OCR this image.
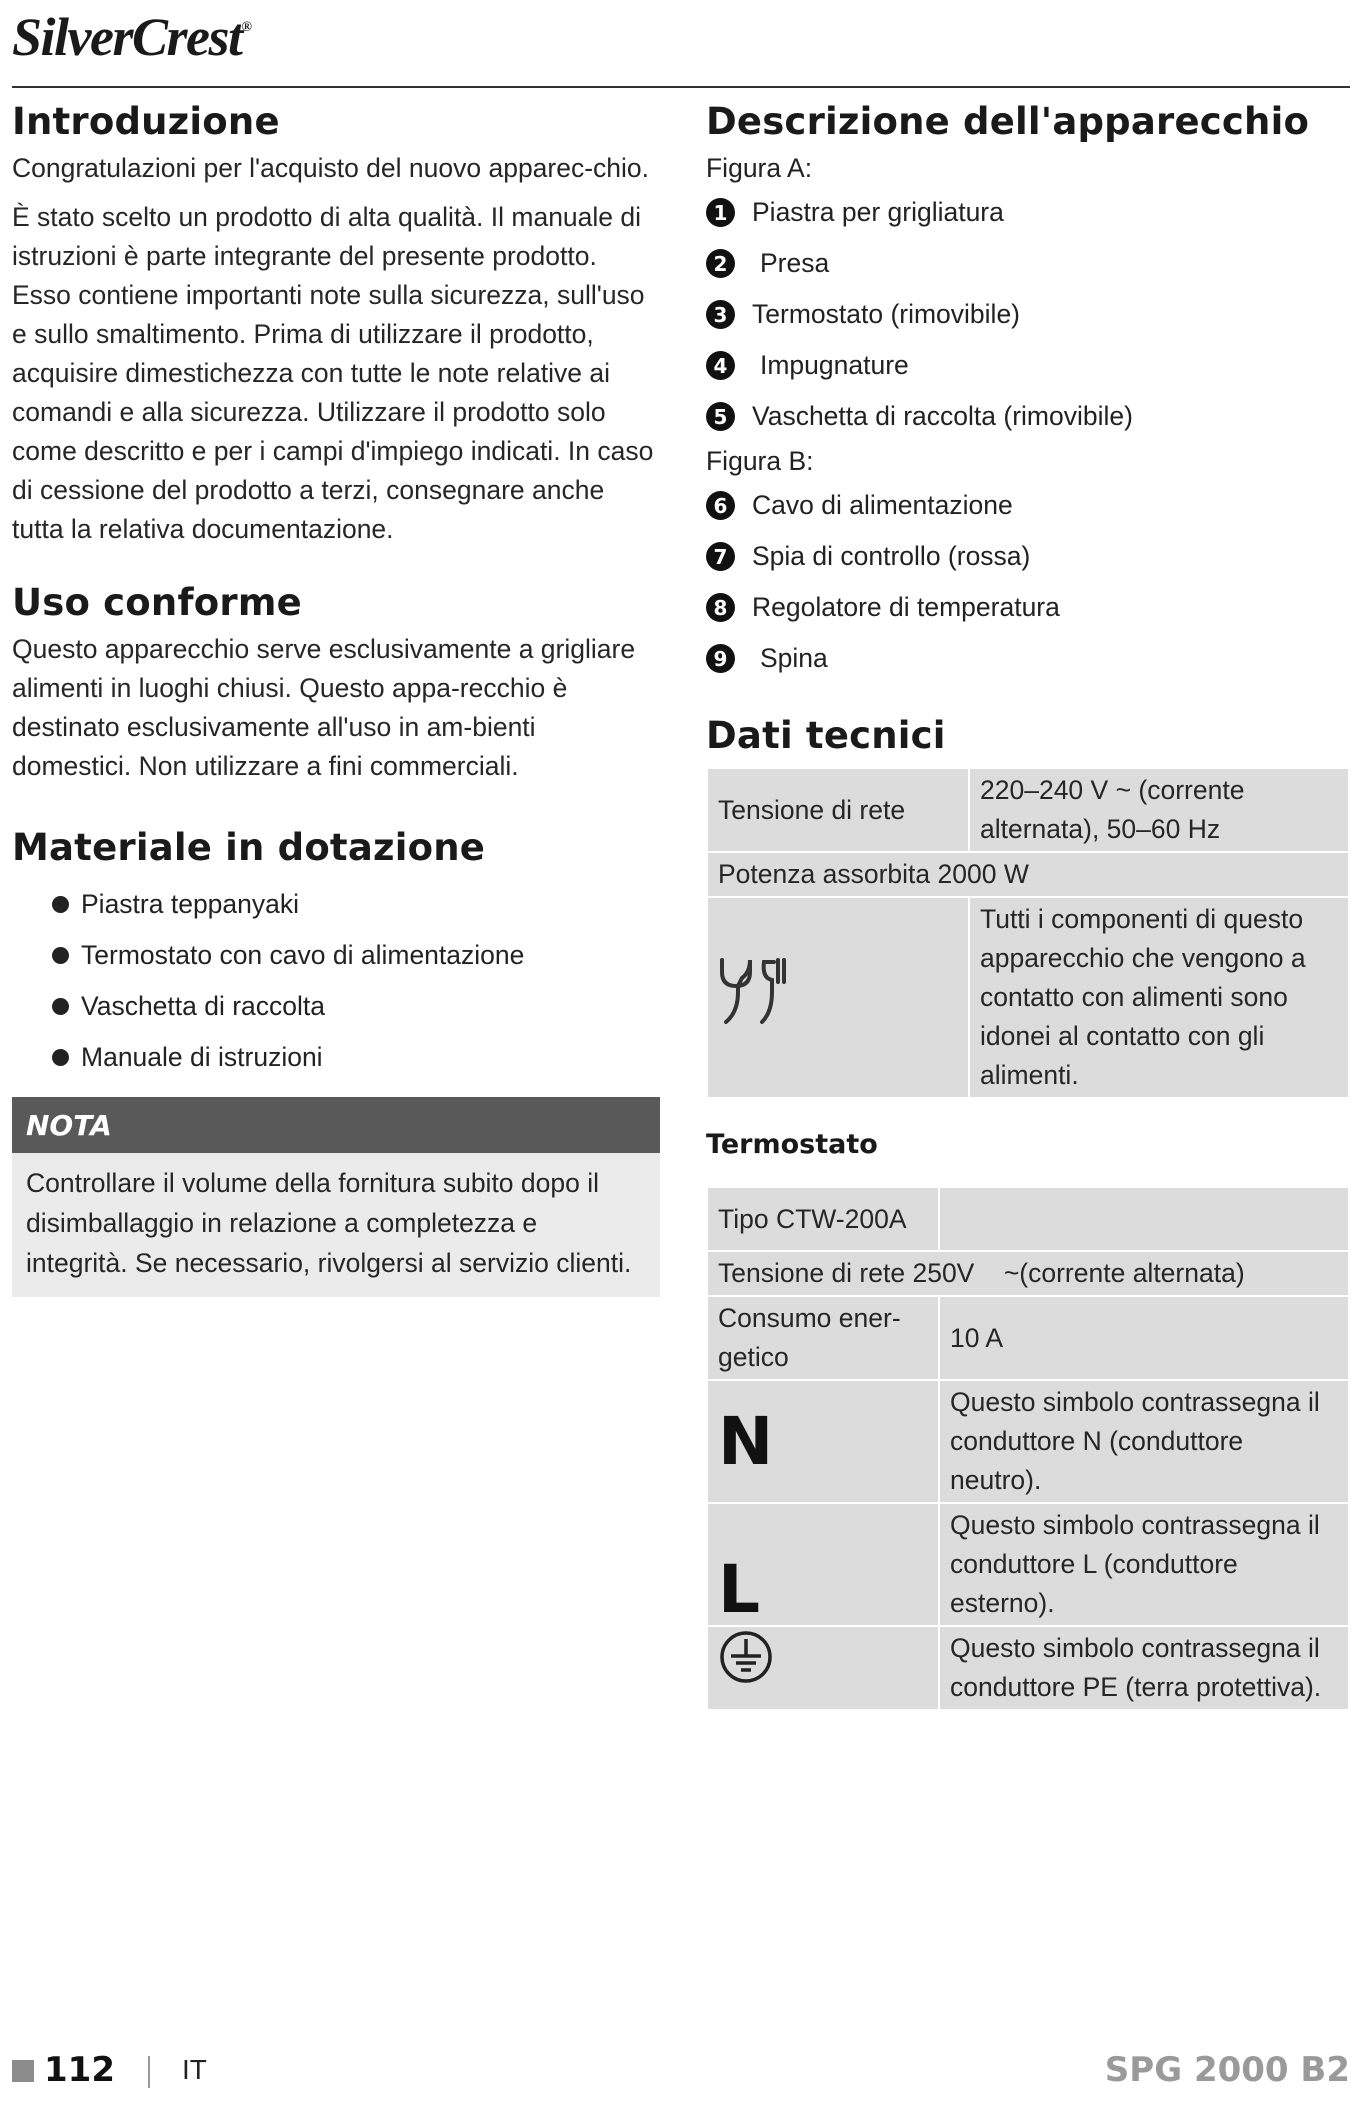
SilverCrest®
Introduzione

Congratulazioni per l'acquisto del nuovo apparec-chio.

È stato scelto un prodotto di alta qualità. Il manuale di istruzioni è parte integrante del presente prodotto. Esso contiene importanti note sulla sicurezza, sull'uso e sullo smaltimento. Prima di utilizzare il prodotto, acquisire dimestichezza con tutte le note relative ai comandi e alla sicurezza. Utilizzare il prodotto solo come descritto e per i campi d'impiego indicati. In caso di cessione del prodotto a terzi, consegnare anche tutta la relativa documentazione.

Uso conforme

Questo apparecchio serve esclusivamente a grigliare alimenti in luoghi chiusi. Questo appa-recchio è destinato esclusivamente all'uso in am-bienti domestici. Non utilizzare a fini commerciali.

Materiale in dotazione
Piastra teppanyaki
Termostato con cavo di alimentazione
Vaschetta di raccolta
Manuale di istruzioni
NOTA
Controllare il volume della fornitura subito dopo il disimballaggio in relazione a completezza e integrità. Se necessario, rivolgersi al servizio clienti.
Descrizione dell'apparecchio

Figura A:

1 Piastra per grigliatura
2 Presa
3 Termostato (rimovibile)
4 Impugnature
5 Vaschetta di raccolta (rimovibile)

Figura B:

6 Cavo di alimentazione
7 Spia di controllo (rossa)
8 Regolatore di temperatura
9 Spina
Dati tecnici
Tensione di rete	220–240 V ~ (corrente alternata), 50–60 Hz
Potenza assorbita 2000 W	
	Tutti i componenti di questo apparecchio che vengono a contatto con alimenti sono idonei al contatto con gli alimenti.
Termostato
Tipo CTW-200A	
Tensione di rete 250V ~(corrente alternata)	
Consumo ener-getico	10 A
N	Questo simbolo contrassegna il conduttore N (conduttore neutro).
L	Questo simbolo contrassegna il conduttore L (conduttore esterno).
	Questo simbolo contrassegna il conduttore PE (terra protettiva).
112 IT	SPG 2000 B2
